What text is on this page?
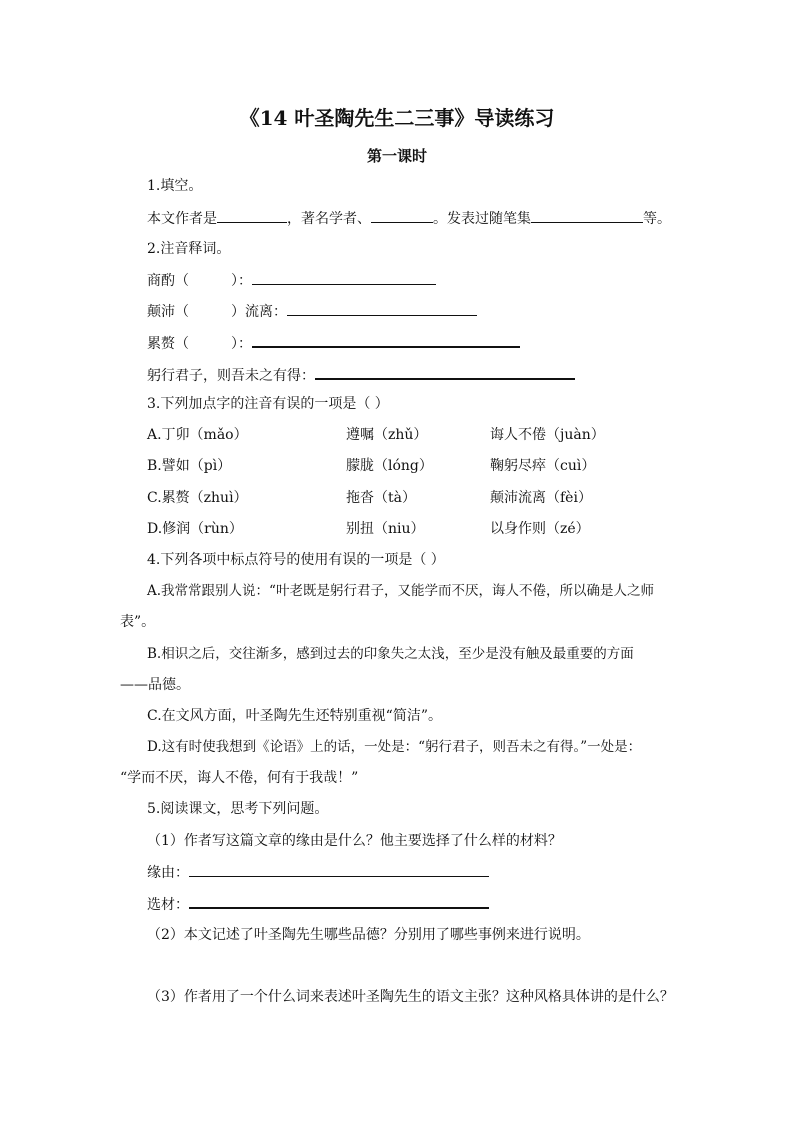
《14 叶圣陶先生二三事》导读练习
第一课时
1.填空。
本文作者是	，著名学者、	。发表过随笔集	等。
2.注音释词。
商酌（	）：
颠沛（	）流离：
累赘（	）：
躬行君子，则吾未之有得：
3.下列加点字的注音有误的一项是（ ）
A.丁卯（mǎo）	遵嘱（zhǔ）	诲人不倦（juàn）
B.譬如（pì）	朦胧（lóng）	鞠躬尽瘁（cuì）
C.累赘（zhuì）	拖沓（tà）	颠沛流离（fèi）
D.修润（rùn）	别扭（niu）	以身作则（zé）
4.下列各项中标点符号的使用有误的一项是（ ）
A.我常常跟别人说：“叶老既是躬行君子，又能学而不厌，诲人不倦，所以确是人之师
表”。
B.相识之后，交往渐多，感到过去的印象失之太浅，至少是没有触及最重要的方面
——品德。
C.在文风方面，叶圣陶先生还特别重视“简洁”。
D.这有时使我想到《论语》上的话，一处是：“躬行君子，则吾未之有得。”一处是：
“学而不厌，诲人不倦，何有于我哉！”
5.阅读课文，思考下列问题。
（1）作者写这篇文章的缘由是什么？他主要选择了什么样的材料？
缘由：
选材：
（2）本文记述了叶圣陶先生哪些品德？分别用了哪些事例来进行说明。
（3）作者用了一个什么词来表述叶圣陶先生的语文主张？这种风格具体讲的是什么？
